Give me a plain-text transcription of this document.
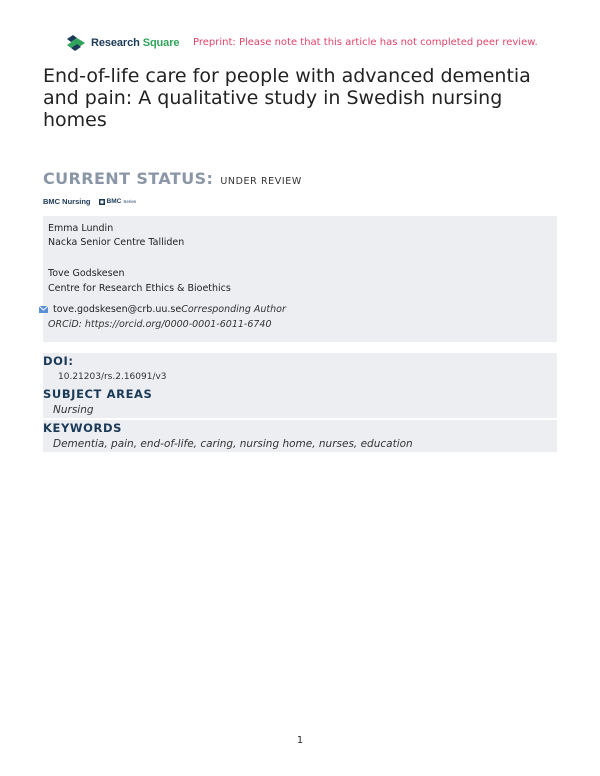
Research Square Preprint: Please note that this article has not completed peer review.
End-of-life care for people with advanced dementia and pain: A qualitative study in Swedish nursing homes
CURRENT STATUS: UNDER REVIEW
BMC Nursing BMC Series
Emma Lundin
Nacka Senior Centre Talliden
Tove Godskesen
Centre for Research Ethics & Bioethics
tove.godskesen@crb.uu.se Corresponding Author
ORCiD: https://orcid.org/0000-0001-6011-6740
DOI:
10.21203/rs.2.16091/v3
SUBJECT AREAS
Nursing
KEYWORDS
Dementia, pain, end-of-life, caring, nursing home, nurses, education
1
